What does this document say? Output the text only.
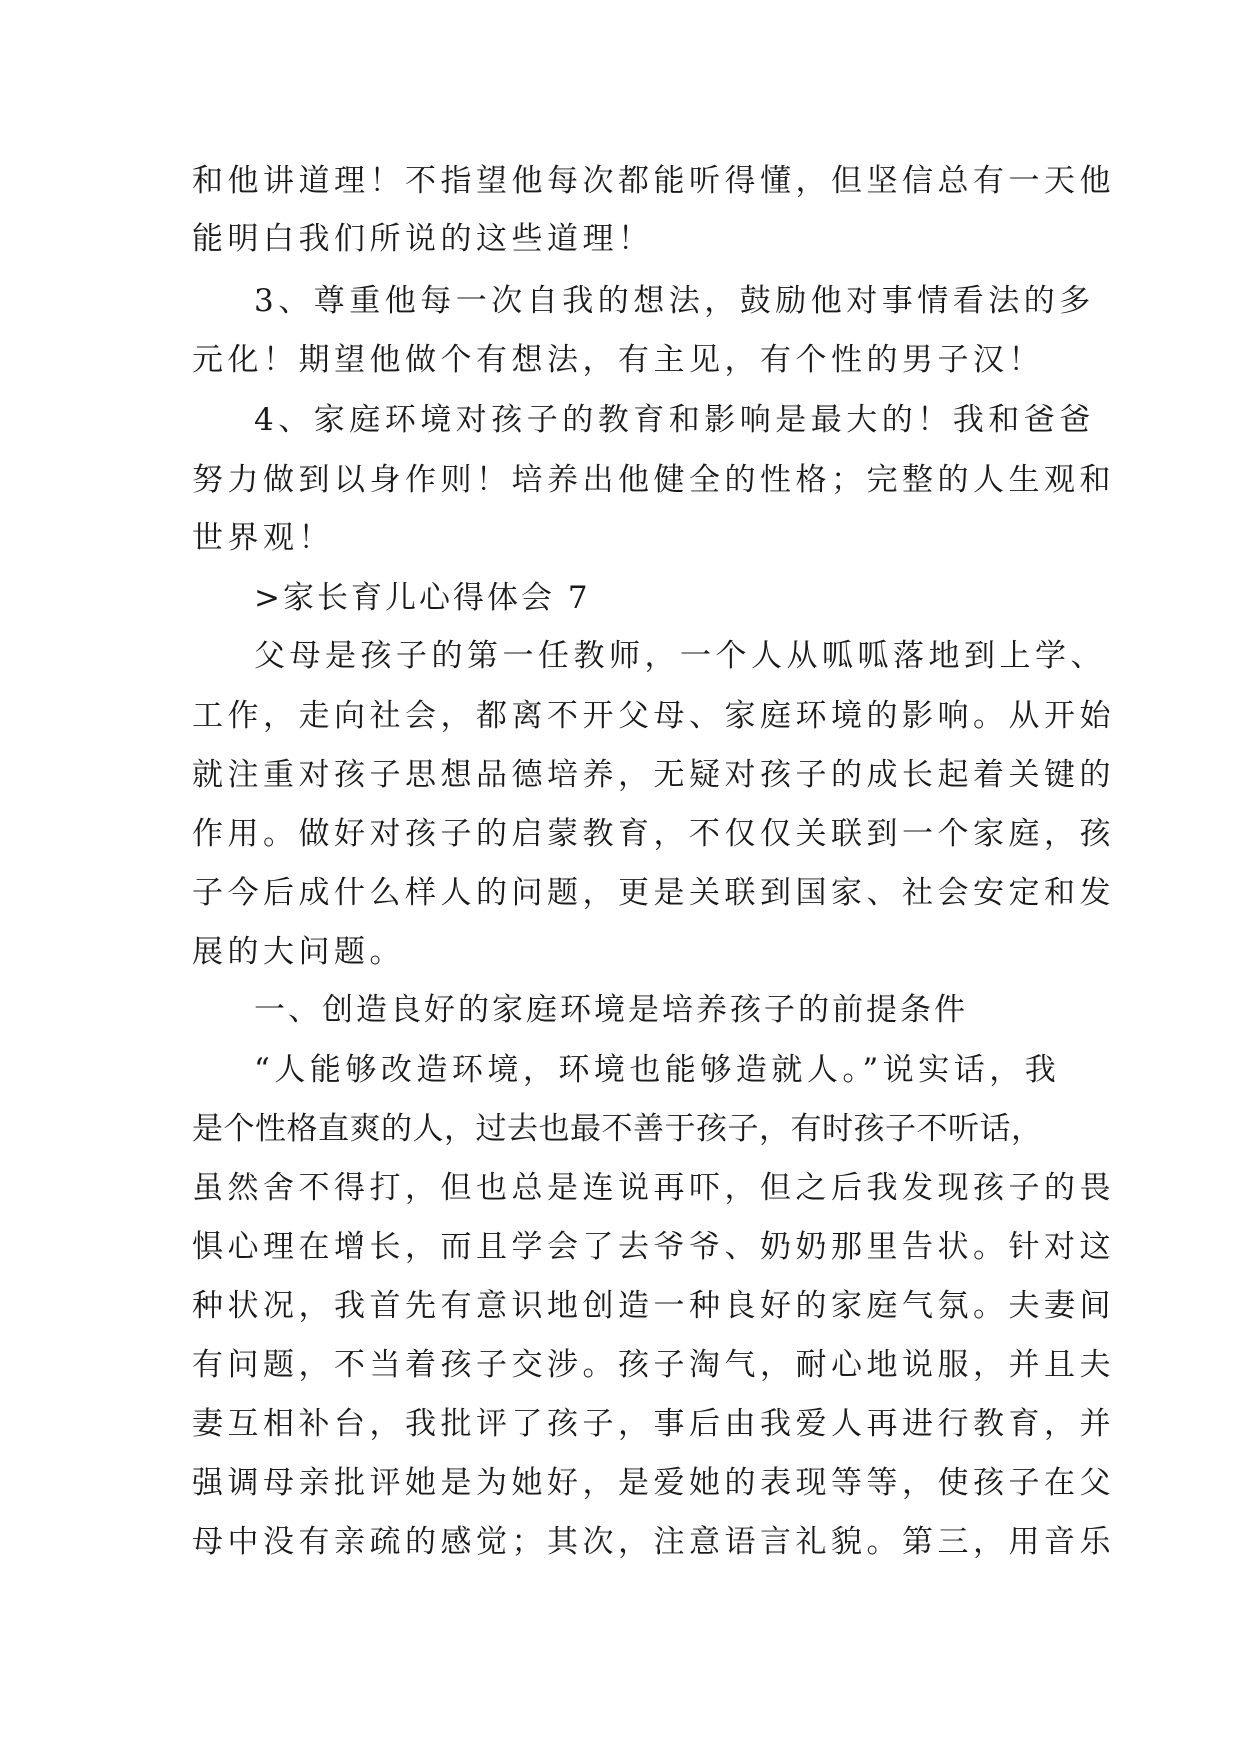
和他讲道理！不指望他每次都能听得懂，但坚信总有一天他
能明白我们所说的这些道理！
3、尊重他每一次自我的想法，鼓励他对事情看法的多
元化！期望他做个有想法，有主见，有个性的男子汉！
4、家庭环境对孩子的教育和影响是最大的！我和爸爸
努力做到以身作则！培养出他健全的性格；完整的人生观和
世界观！
>家长育儿心得体会 7
父母是孩子的第一任教师，一个人从呱呱落地到上学、
工作，走向社会，都离不开父母、家庭环境的影响。从开始
就注重对孩子思想品德培养，无疑对孩子的成长起着关键的
作用。做好对孩子的启蒙教育，不仅仅关联到一个家庭，孩
子今后成什么样人的问题，更是关联到国家、社会安定和发
展的大问题。
一、创造良好的家庭环境是培养孩子的前提条件
“人能够改造环境，环境也能够造就人。”说实话，我
是个性格直爽的人，过去也最不善于孩子，有时孩子不听话，
虽然舍不得打，但也总是连说再吓，但之后我发现孩子的畏
惧心理在增长，而且学会了去爷爷、奶奶那里告状。针对这
种状况，我首先有意识地创造一种良好的家庭气氛。夫妻间
有问题，不当着孩子交涉。孩子淘气，耐心地说服，并且夫
妻互相补台，我批评了孩子，事后由我爱人再进行教育，并
强调母亲批评她是为她好，是爱她的表现等等，使孩子在父
母中没有亲疏的感觉；其次，注意语言礼貌。第三，用音乐
